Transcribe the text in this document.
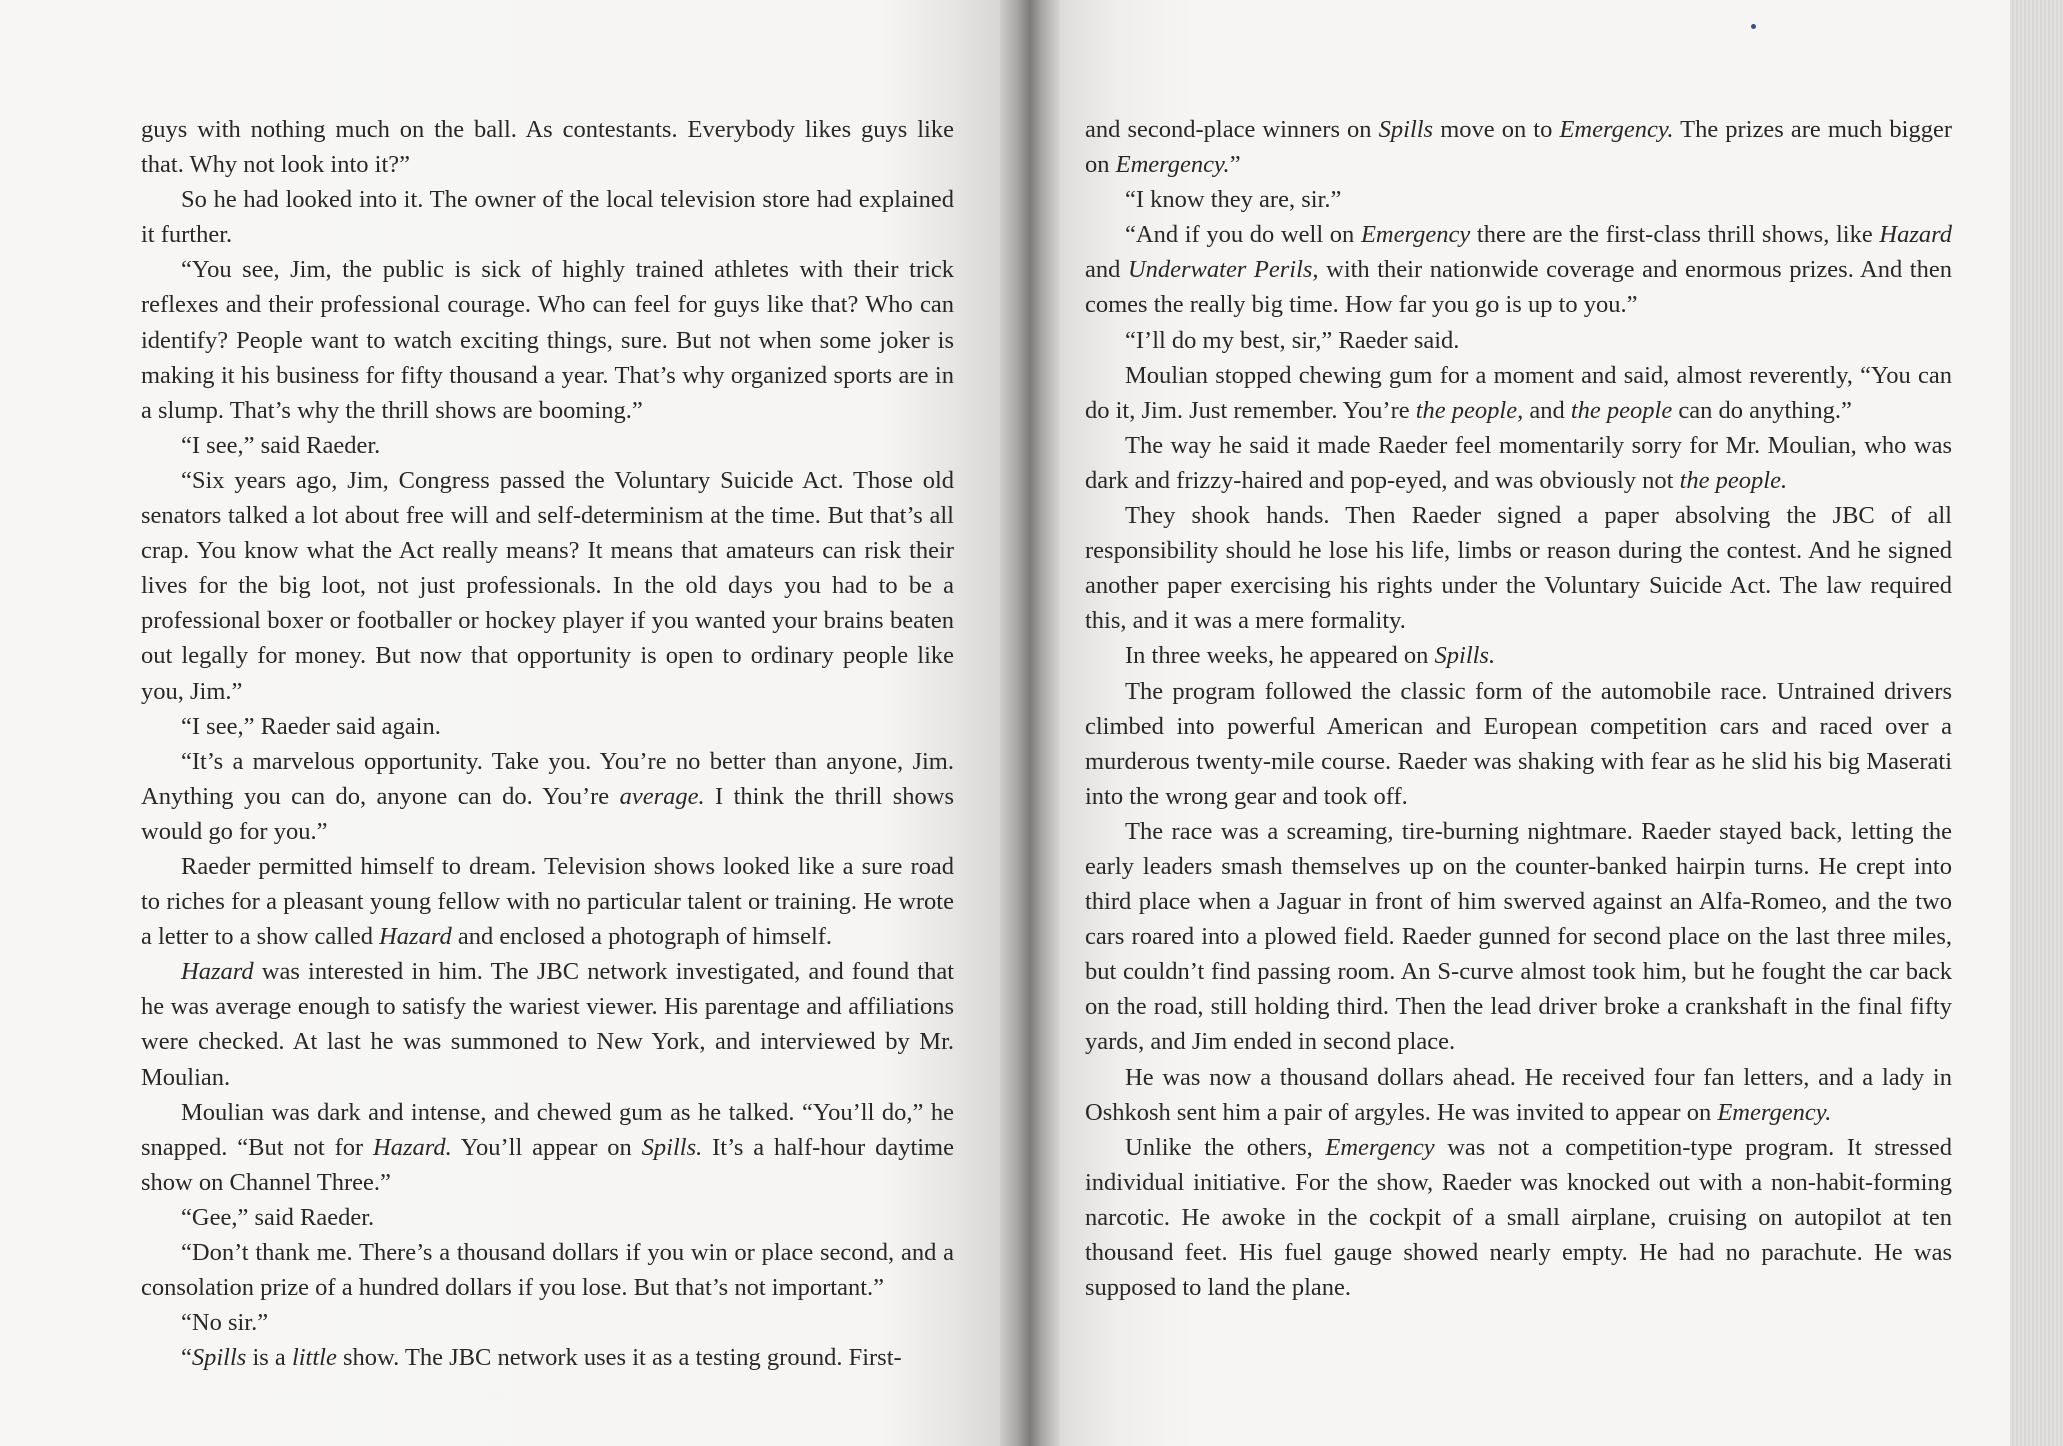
guys with nothing much on the ball. As contestants. Everybody likes guys like that. Why not look into it?”

So he had looked into it. The owner of the local television store had explained it further.

“You see, Jim, the public is sick of highly trained athletes with their trick reflexes and their professional courage. Who can feel for guys like that? Who can identify? People want to watch exciting things, sure. But not when some joker is making it his business for fifty thousand a year. That’s why organized sports are in a slump. That’s why the thrill shows are booming.”

“I see,” said Raeder.

“Six years ago, Jim, Congress passed the Voluntary Suicide Act. Those old senators talked a lot about free will and self-determinism at the time. But that’s all crap. You know what the Act really means? It means that amateurs can risk their lives for the big loot, not just professionals. In the old days you had to be a professional boxer or footballer or hockey player if you wanted your brains beaten out legally for money. But now that opportunity is open to ordinary people like you, Jim.”

“I see,” Raeder said again.

“It’s a marvelous opportunity. Take you. You’re no better than anyone, Jim. Anything you can do, anyone can do. You’re average. I think the thrill shows would go for you.”

Raeder permitted himself to dream. Television shows looked like a sure road to riches for a pleasant young fellow with no particular talent or training. He wrote a letter to a show called Hazard and enclosed a photograph of himself.

Hazard was interested in him. The JBC network investigated, and found that he was average enough to satisfy the wariest viewer. His parentage and affiliations were checked. At last he was summoned to New York, and interviewed by Mr. Moulian.

Moulian was dark and intense, and chewed gum as he talked. “You’ll do,” he snapped. “But not for Hazard. You’ll appear on Spills. It’s a half-hour daytime show on Channel Three.”

“Gee,” said Raeder.

“Don’t thank me. There’s a thousand dollars if you win or place second, and a consolation prize of a hundred dollars if you lose. But that’s not important.”

“No sir.”

“Spills is a little show. The JBC network uses it as a testing ground. First-

and second-place winners on Spills move on to Emergency. The prizes are much bigger on Emergency.”

“I know they are, sir.”

“And if you do well on Emergency there are the first-class thrill shows, like Hazard and Underwater Perils, with their nationwide coverage and enormous prizes. And then comes the really big time. How far you go is up to you.”

“I’ll do my best, sir,” Raeder said.

Moulian stopped chewing gum for a moment and said, almost reverently, “You can do it, Jim. Just remember. You’re the people, and the people can do anything.”

The way he said it made Raeder feel momentarily sorry for Mr. Moulian, who was dark and frizzy-haired and pop-eyed, and was obviously not the people.

They shook hands. Then Raeder signed a paper absolving the JBC of all responsibility should he lose his life, limbs or reason during the contest. And he signed another paper exercising his rights under the Voluntary Suicide Act. The law required this, and it was a mere formality.

In three weeks, he appeared on Spills.

The program followed the classic form of the automobile race. Untrained drivers climbed into powerful American and European competition cars and raced over a murderous twenty-mile course. Raeder was shaking with fear as he slid his big Maserati into the wrong gear and took off.

The race was a screaming, tire-burning nightmare. Raeder stayed back, letting the early leaders smash themselves up on the counter-banked hairpin turns. He crept into third place when a Jaguar in front of him swerved against an Alfa-Romeo, and the two cars roared into a plowed field. Raeder gunned for second place on the last three miles, but couldn’t find passing room. An S-curve almost took him, but he fought the car back on the road, still holding third. Then the lead driver broke a crankshaft in the final fifty yards, and Jim ended in second place.

He was now a thousand dollars ahead. He received four fan letters, and a lady in Oshkosh sent him a pair of argyles. He was invited to appear on Emergency.

Unlike the others, Emergency was not a competition-type program. It stressed individual initiative. For the show, Raeder was knocked out with a non-habit-forming narcotic. He awoke in the cockpit of a small airplane, cruising on autopilot at ten thousand feet. His fuel gauge showed nearly empty. He had no parachute. He was supposed to land the plane.
